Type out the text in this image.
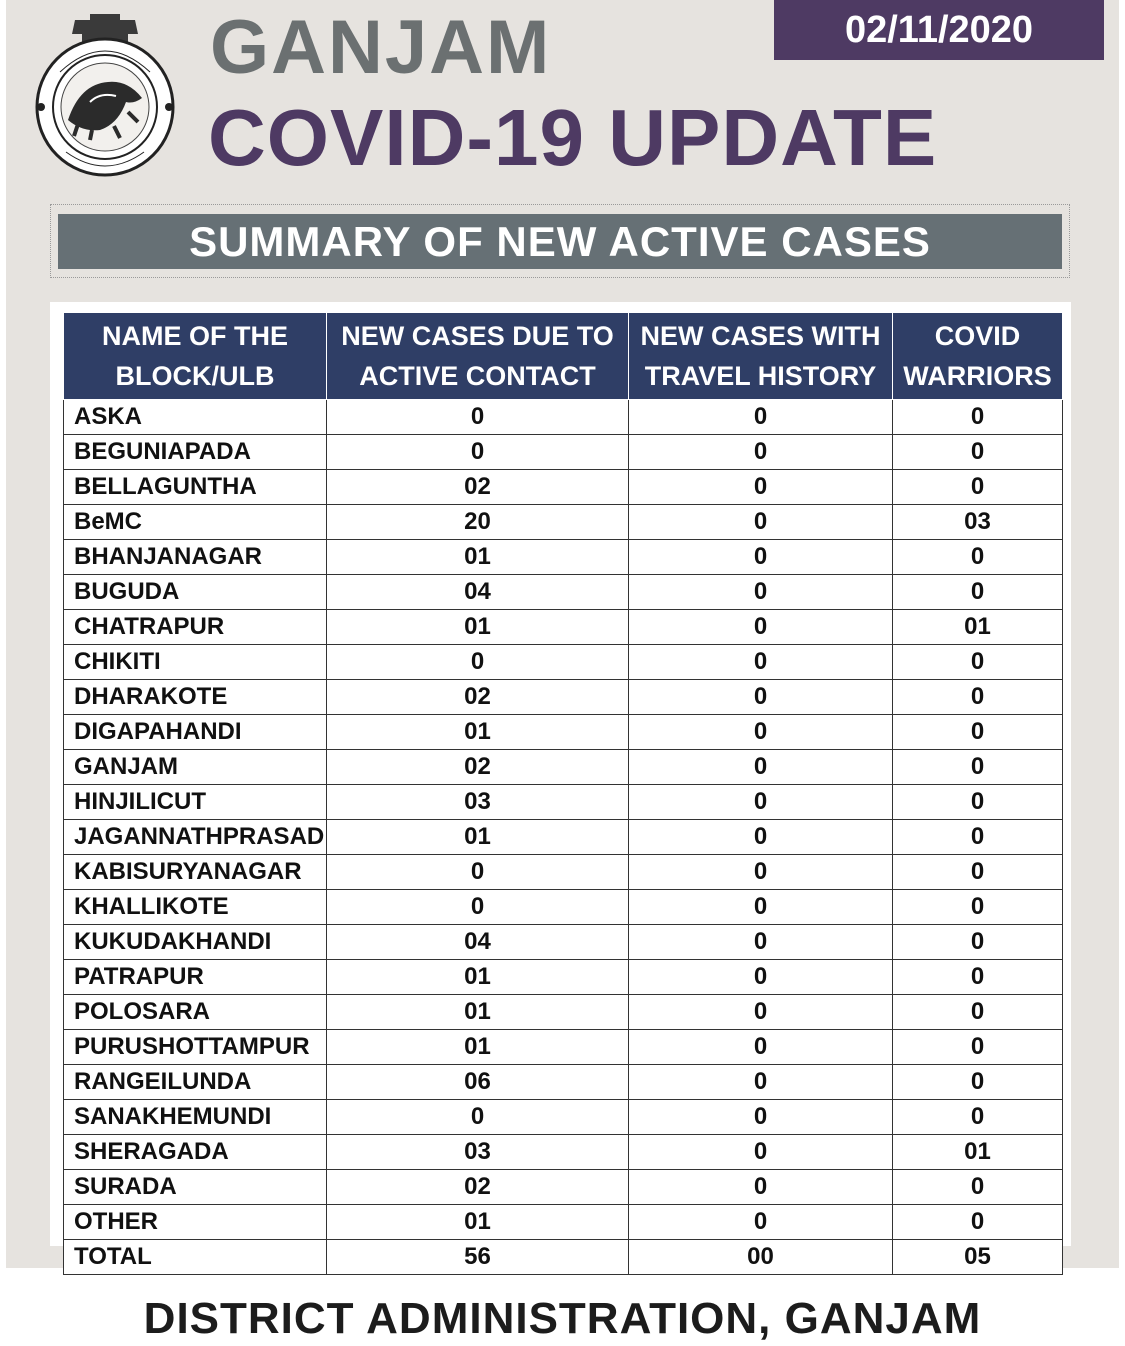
GANJAM
COVID-19 UPDATE
02/11/2020
SUMMARY OF NEW ACTIVE CASES
NAME OF THE BLOCK/ULB	NEW CASES DUE TO ACTIVE CONTACT	NEW CASES WITH TRAVEL HISTORY	COVID WARRIORS
ASKA	0	0	0
BEGUNIAPADA	0	0	0
BELLAGUNTHA	02	0	0
BeMC	20	0	03
BHANJANAGAR	01	0	0
BUGUDA	04	0	0
CHATRAPUR	01	0	01
CHIKITI	0	0	0
DHARAKOTE	02	0	0
DIGAPAHANDI	01	0	0
GANJAM	02	0	0
HINJILICUT	03	0	0
JAGANNATHPRASAD	01	0	0
KABISURYANAGAR	0	0	0
KHALLIKOTE	0	0	0
KUKUDAKHANDI	04	0	0
PATRAPUR	01	0	0
POLOSARA	01	0	0
PURUSHOTTAMPUR	01	0	0
RANGEILUNDA	06	0	0
SANAKHEMUNDI	0	0	0
SHERAGADA	03	0	01
SURADA	02	0	0
OTHER	01	0	0
TOTAL	56	00	05
DISTRICT ADMINISTRATION, GANJAM
